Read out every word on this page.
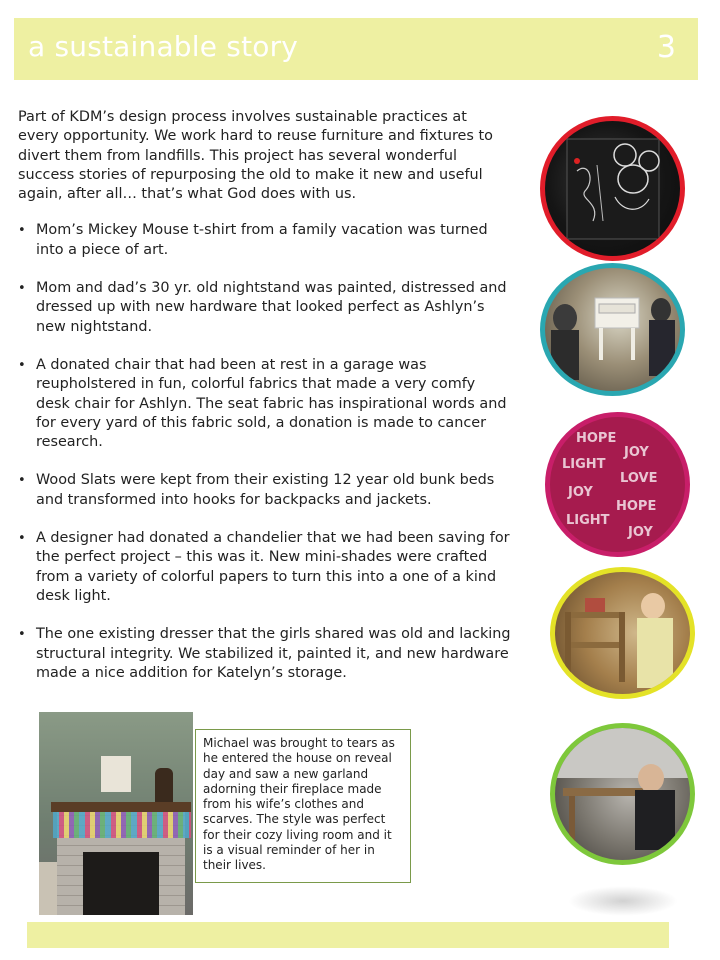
a sustainable story	3

Part of KDM’s design process involves sustainable practices at every opportunity. We work hard to reuse furniture and fixtures to divert them from landfills. This project has several wonderful success stories of repurposing the old to make it new and useful again, after all… that’s what God does with us.

• Mom’s Mickey Mouse t-shirt from a family vacation was turned into a piece of art.
• Mom and dad’s 30 yr. old nightstand was painted, distressed and dressed up with new hardware that looked perfect as Ashlyn’s new nightstand.
• A donated chair that had been at rest in a garage was reupholstered in fun, colorful fabrics that made a very comfy desk chair for Ashlyn. The seat fabric has inspirational words and for every yard of this fabric sold, a donation is made to cancer research.
• Wood Slats were kept from their existing 12 year old bunk beds and transformed into hooks for backpacks and jackets.
• A designer had donated a chandelier that we had been saving for the perfect project – this was it. New mini-shades were crafted from a variety of colorful papers to turn this into a one of a kind desk light.
• The one existing dresser that the girls shared was old and lacking structural integrity. We stabilized it, painted it, and new hardware made a nice addition for Katelyn’s storage.
HOPE
JOY
LIGHT
LOVE
JOY
HOPE
LIGHT
JOY
Michael was brought to tears as he entered the house on reveal day and saw a new garland adorning their fireplace made from his wife’s clothes and scarves. The style was perfect for their cozy living room and it is a visual reminder of her in their lives.
